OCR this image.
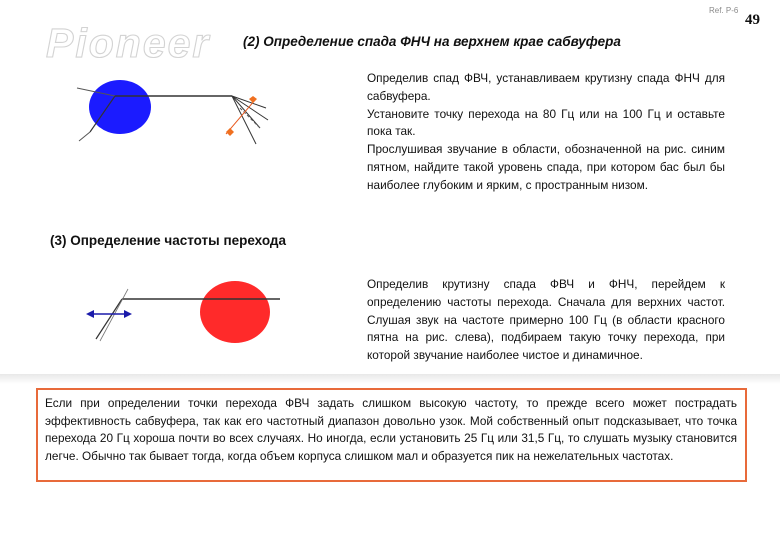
Ref. P-6
49
Pioneer (2) Определение спада ФНЧ на верхнем крае сабвуфера

Определив спад ФВЧ, устанавливаем крутизну спада ФНЧ для сабвуфера.

Установите точку перехода на 80 Гц или на 100 Гц и оставьте пока так.

Прослушивая звучание в области, обозначенной на рис. синим пятном, найдите такой уровень спада, при котором бас был бы наиболее глубоким и ярким, с пространным низом.

(3) Определение частоты перехода
Определив крутизну спада ФВЧ и ФНЧ, перейдем к определению частоты перехода. Сначала для верхних частот. Слушая звук на частоте примерно 100 Гц (в области красного пятна на рис. слева), подбираем такую точку перехода, при которой звучание наиболее чистое и динамичное.
Если при определении точки перехода ФВЧ задать слишком высокую частоту, то прежде всего может пострадать эффективность сабвуфера, так как его частотный диапазон довольно узок. Мой собственный опыт подсказывает, что точка перехода 20 Гц хороша почти во всех случаях. Но иногда, если установить 25 Гц или 31,5 Гц, то слушать музыку становится легче. Обычно так бывает тогда, когда объем корпуса слишком мал и образуется пик на нежелательных частотах.
